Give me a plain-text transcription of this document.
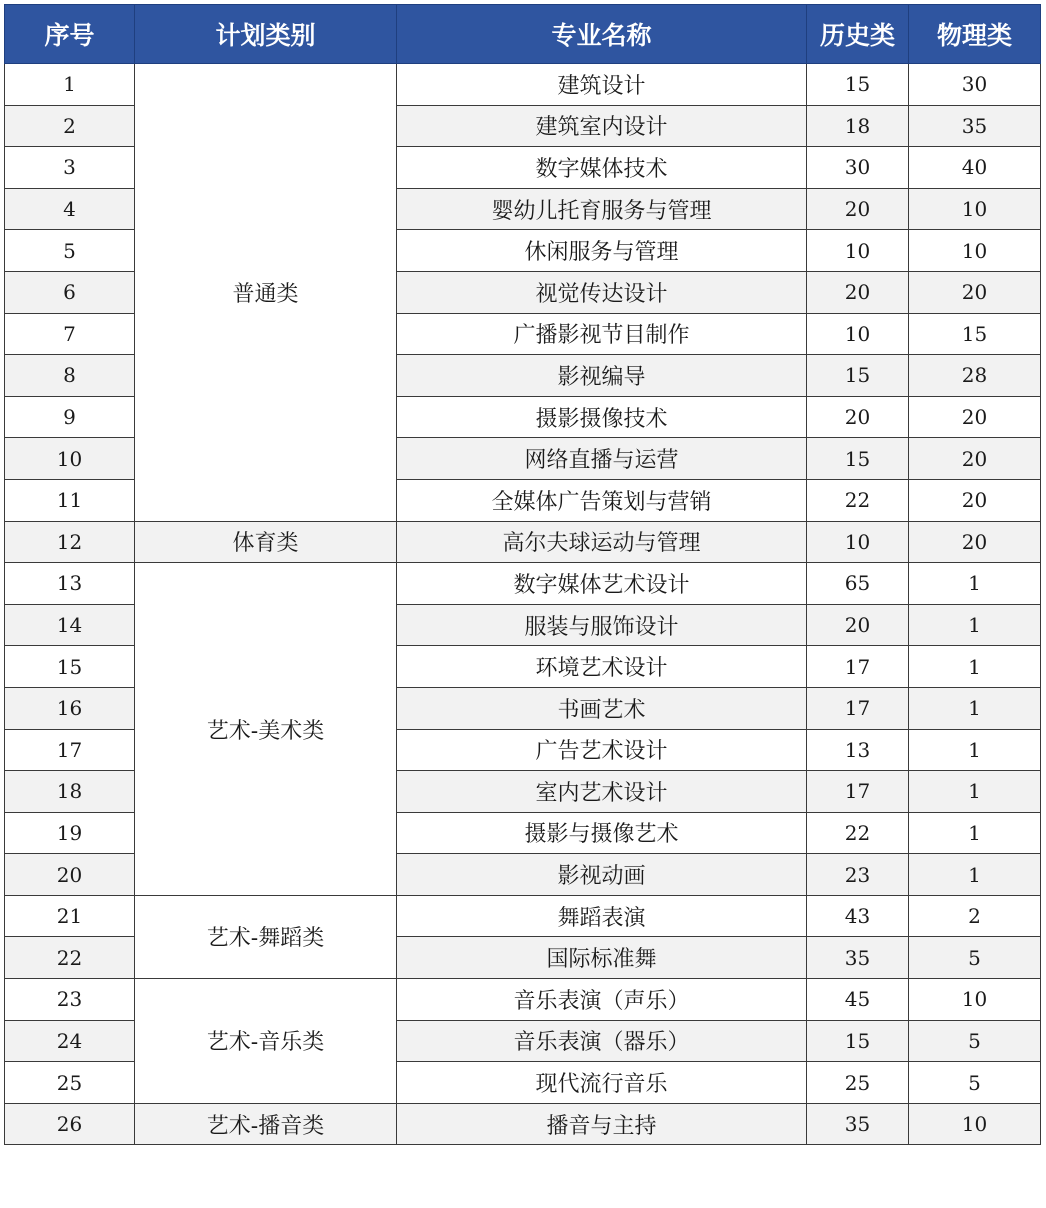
序号	计划类别	专业名称	历史类	物理类
1	普通类	建筑设计	15	30
2		建筑室内设计	18	35
3		数字媒体技术	30	40
4		婴幼儿托育服务与管理	20	10
5		休闲服务与管理	10	10
6		视觉传达设计	20	20
7		广播影视节目制作	10	15
8		影视编导	15	28
9		摄影摄像技术	20	20
10		网络直播与运营	15	20
11		全媒体广告策划与营销	22	20
12	体育类	高尔夫球运动与管理	10	20
13	艺术-美术类	数字媒体艺术设计	65	1
14		服装与服饰设计	20	1
15		环境艺术设计	17	1
16		书画艺术	17	1
17		广告艺术设计	13	1
18		室内艺术设计	17	1
19		摄影与摄像艺术	22	1
20		影视动画	23	1
21	艺术-舞蹈类	舞蹈表演	43	2
22		国际标准舞	35	5
23	艺术-音乐类	音乐表演（声乐）	45	10
24		音乐表演（器乐）	15	5
25		现代流行音乐	25	5
26	艺术-播音类	播音与主持	35	10
